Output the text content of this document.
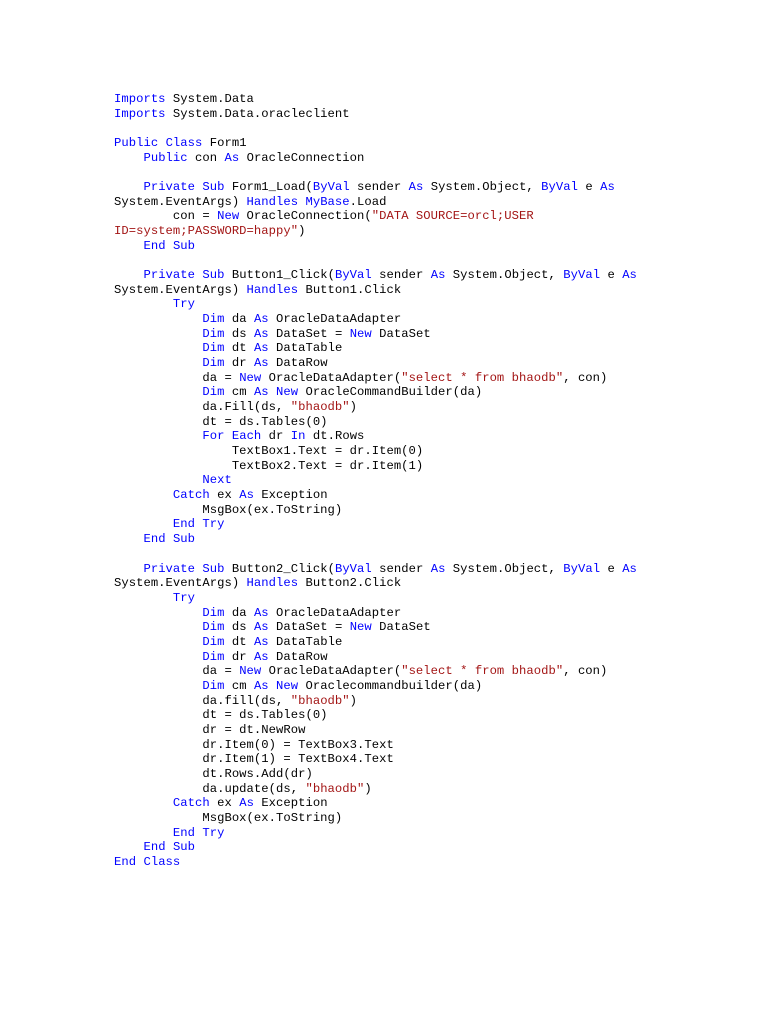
Imports System.Data
Imports System.Data.oracleclient
Public Class Form1
Public con As OracleConnection
Private Sub Form1_Load(ByVal sender As System.Object, ByVal e As
System.EventArgs) Handles MyBase.Load
con = New OracleConnection("DATA SOURCE=orcl;USER
ID=system;PASSWORD=happy")
End Sub
Private Sub Button1_Click(ByVal sender As System.Object, ByVal e As
System.EventArgs) Handles Button1.Click
Try
Dim da As OracleDataAdapter
Dim ds As DataSet = New DataSet
Dim dt As DataTable
Dim dr As DataRow
da = New OracleDataAdapter("select * from bhaodb", con)
Dim cm As New OracleCommandBuilder(da)
da.Fill(ds, "bhaodb")
dt = ds.Tables(0)
For Each dr In dt.Rows
TextBox1.Text = dr.Item(0)
TextBox2.Text = dr.Item(1)
Next
Catch ex As Exception
MsgBox(ex.ToString)
End Try
End Sub
Private Sub Button2_Click(ByVal sender As System.Object, ByVal e As
System.EventArgs) Handles Button2.Click
Try
Dim da As OracleDataAdapter
Dim ds As DataSet = New DataSet
Dim dt As DataTable
Dim dr As DataRow
da = New OracleDataAdapter("select * from bhaodb", con)
Dim cm As New Oraclecommandbuilder(da)
da.fill(ds, "bhaodb")
dt = ds.Tables(0)
dr = dt.NewRow
dr.Item(0) = TextBox3.Text
dr.Item(1) = TextBox4.Text
dt.Rows.Add(dr)
da.update(ds, "bhaodb")
Catch ex As Exception
MsgBox(ex.ToString)
End Try
End Sub
End Class
